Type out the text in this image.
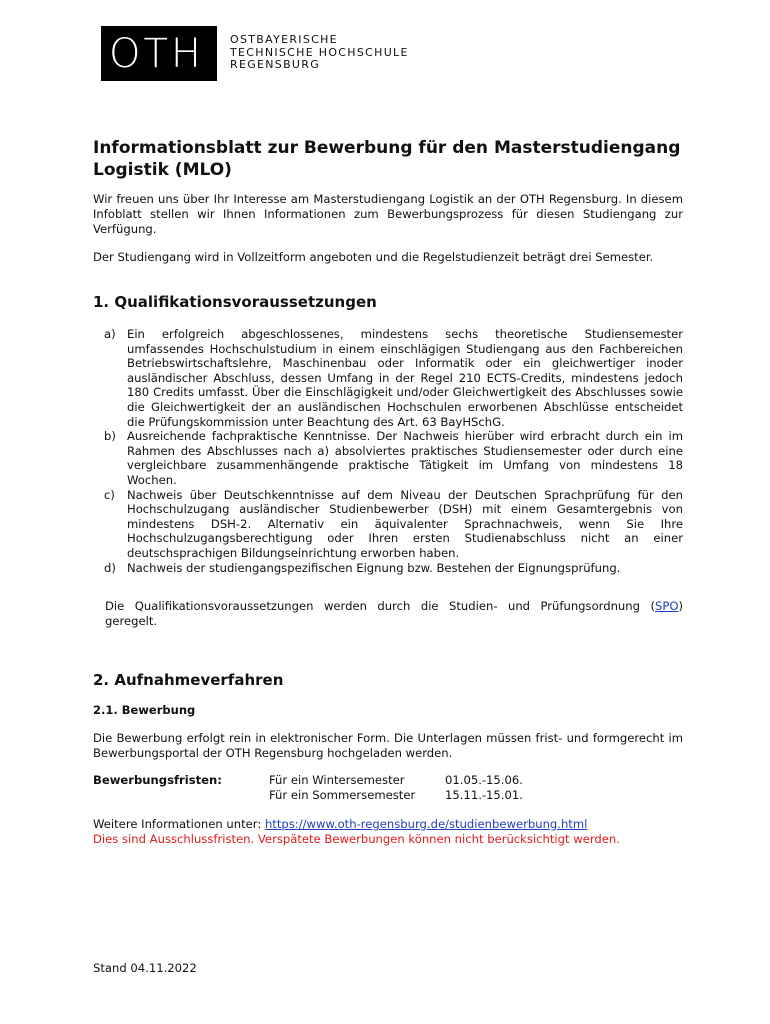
OTH OSTBAYERISCHE
TECHNISCHE HOCHSCHULE
REGENSBURG
Informationsblatt zur Bewerbung für den Masterstudiengang Logistik (MLO)
Wir freuen uns über Ihr Interesse am Masterstudiengang Logistik an der OTH Regensburg. In diesem Infoblatt stellen wir Ihnen Informationen zum Bewerbungsprozess für diesen Studiengang zur Verfügung.
Der Studiengang wird in Vollzeitform angeboten und die Regelstudienzeit beträgt drei Semester.
1. Qualifikationsvoraussetzungen
a) Ein erfolgreich abgeschlossenes, mindestens sechs theoretische Studiensemester umfassendes Hochschulstudium in einem einschlägigen Studiengang aus den Fachbereichen Betriebswirtschaftslehre, Maschinenbau oder Informatik oder ein gleichwertiger inoder ausländischer Abschluss, dessen Umfang in der Regel 210 ECTS-Credits, mindestens jedoch 180 Credits umfasst. Über die Einschlägigkeit und/oder Gleichwertigkeit des Abschlusses sowie die Gleichwertigkeit der an ausländischen Hochschulen erworbenen Abschlüsse entscheidet die Prüfungskommission unter Beachtung des Art. 63 BayHSchG.
b) Ausreichende fachpraktische Kenntnisse. Der Nachweis hierüber wird erbracht durch ein im Rahmen des Abschlusses nach a) absolviertes praktisches Studiensemester oder durch eine vergleichbare zusammenhängende praktische Tätigkeit im Umfang von mindestens 18 Wochen.
c) Nachweis über Deutschkenntnisse auf dem Niveau der Deutschen Sprachprüfung für den Hochschulzugang ausländischer Studienbewerber (DSH) mit einem Gesamtergebnis von mindestens DSH-2. Alternativ ein äquivalenter Sprachnachweis, wenn Sie Ihre Hochschulzugangsberechtigung oder Ihren ersten Studienabschluss nicht an einer deutschsprachigen Bildungseinrichtung erworben haben.
d) Nachweis der studiengangspezifischen Eignung bzw. Bestehen der Eignungsprüfung.
Die Qualifikationsvoraussetzungen werden durch die Studien- und Prüfungsordnung (SPO) geregelt.
2. Aufnahmeverfahren
2.1. Bewerbung
Die Bewerbung erfolgt rein in elektronischer Form. Die Unterlagen müssen frist- und formgerecht im Bewerbungsportal der OTH Regensburg hochgeladen werden.
Bewerbungsfristen:	Für ein Wintersemester	01.05.-15.06.
Für ein Sommersemester	15.11.-15.01.
Weitere Informationen unter: https://www.oth-regensburg.de/studienbewerbung.html
Dies sind Ausschlussfristen. Verspätete Bewerbungen können nicht berücksichtigt werden.
Stand 04.11.2022
